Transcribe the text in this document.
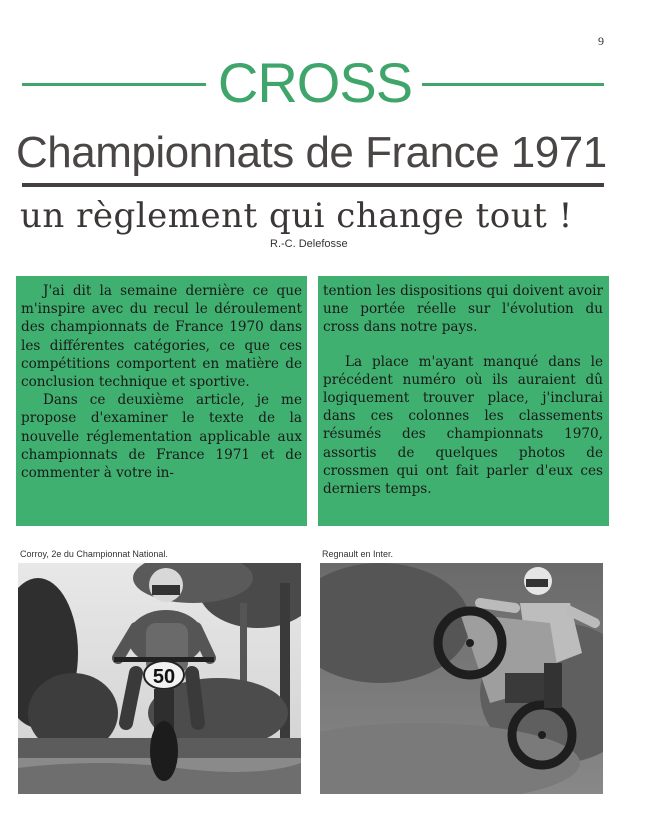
9
CROSS
Championnats de France 1971
un règlement qui change tout !
R.-C. Delefosse

J'ai dit la semaine dernière ce que m'inspire avec du recul le déroulement des championnats de France 1970 dans les différentes catégories, ce que ces compétitions comportent en matière de conclusion technique et sportive.

Dans ce deuxième article, je me propose d'examiner le texte de la nouvelle réglementation applicable aux championnats de France 1971 et de commenter à votre in-

tention les dispositions qui doivent avoir une portée réelle sur l'évolution du cross dans notre pays.

La place m'ayant manqué dans le précédent numéro où ils auraient dû logiquement trouver place, j'inclurai dans ces colonnes les classements résumés des championnats 1970, assortis de quelques photos de crossmen qui ont fait parler d'eux ces derniers temps.

Corroy, 2e du Championnat National.	Regnault en Inter.
50
